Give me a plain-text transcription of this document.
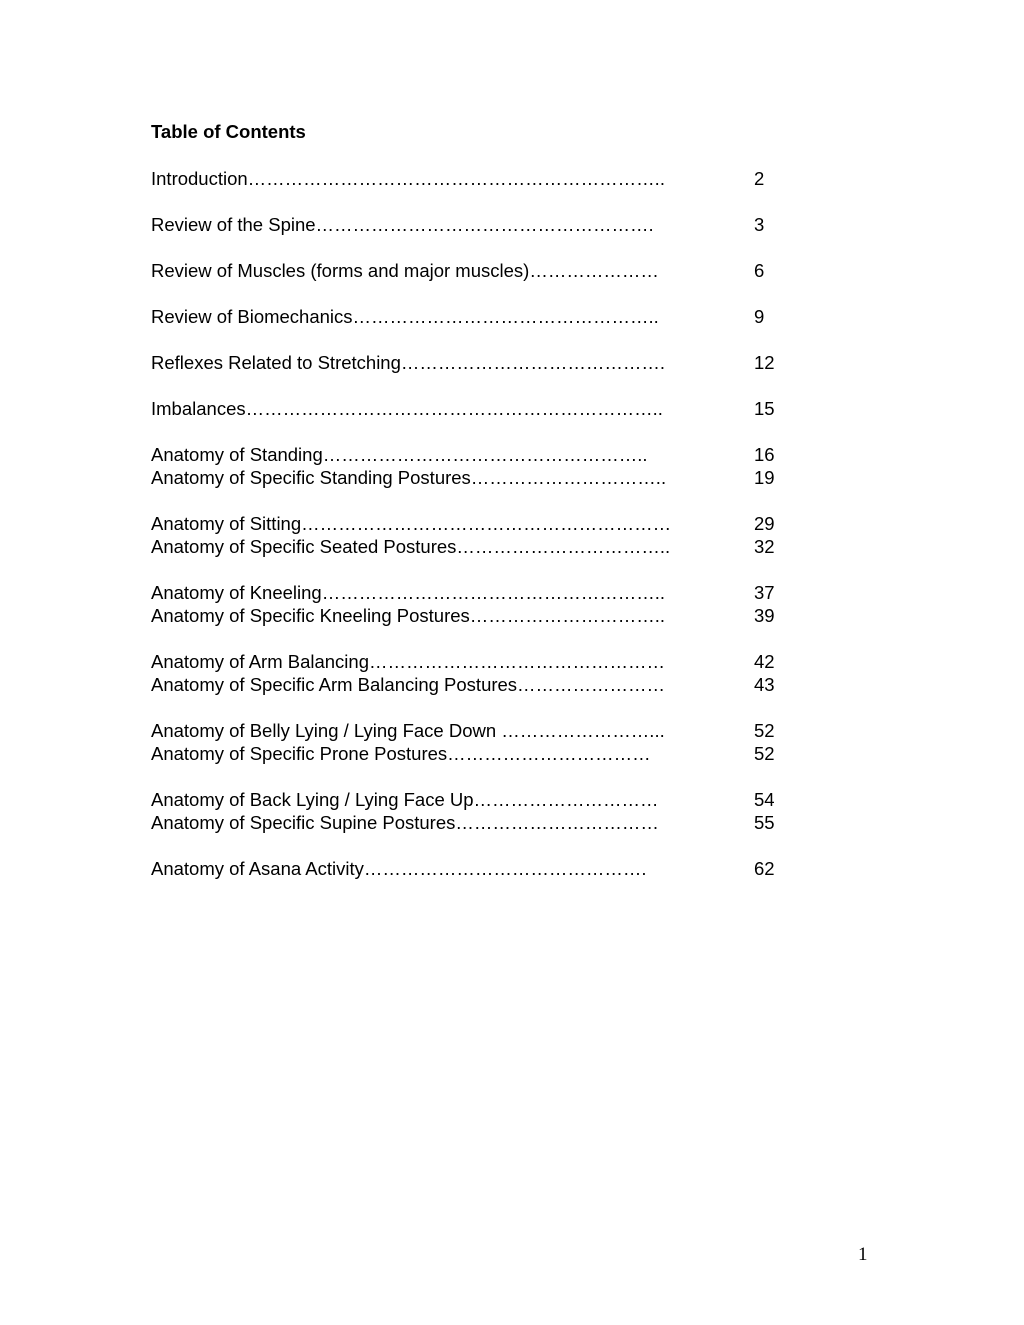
Table of Contents
Introduction…………………………………………………………..	2
Review of the Spine……………………………………………….	3
Review of Muscles (forms and major muscles)…………………	6
Review of Biomechanics…………………………………………..	9
Reflexes Related to Stretching…………………………………….	12
Imbalances…………………………………………………………..	15
Anatomy of Standing……………………………………………..	16
Anatomy of Specific Standing Postures…………………………..	19
Anatomy of Sitting……………………………………………………	29
Anatomy of Specific Seated Postures……………………………..	32
Anatomy of Kneeling………………………………………………..	37
Anatomy of Specific Kneeling Postures…………………………..	39
Anatomy of Arm Balancing…………………………………………	42
Anatomy of Specific Arm Balancing Postures……………………	43
Anatomy of Belly Lying / Lying Face Down ……………………...	52
Anatomy of Specific Prone Postures……………………………	52
Anatomy of Back Lying / Lying Face Up…………………………	54
Anatomy of Specific Supine Postures……………………………	55
Anatomy of Asana Activity……………………………………….	62
1
